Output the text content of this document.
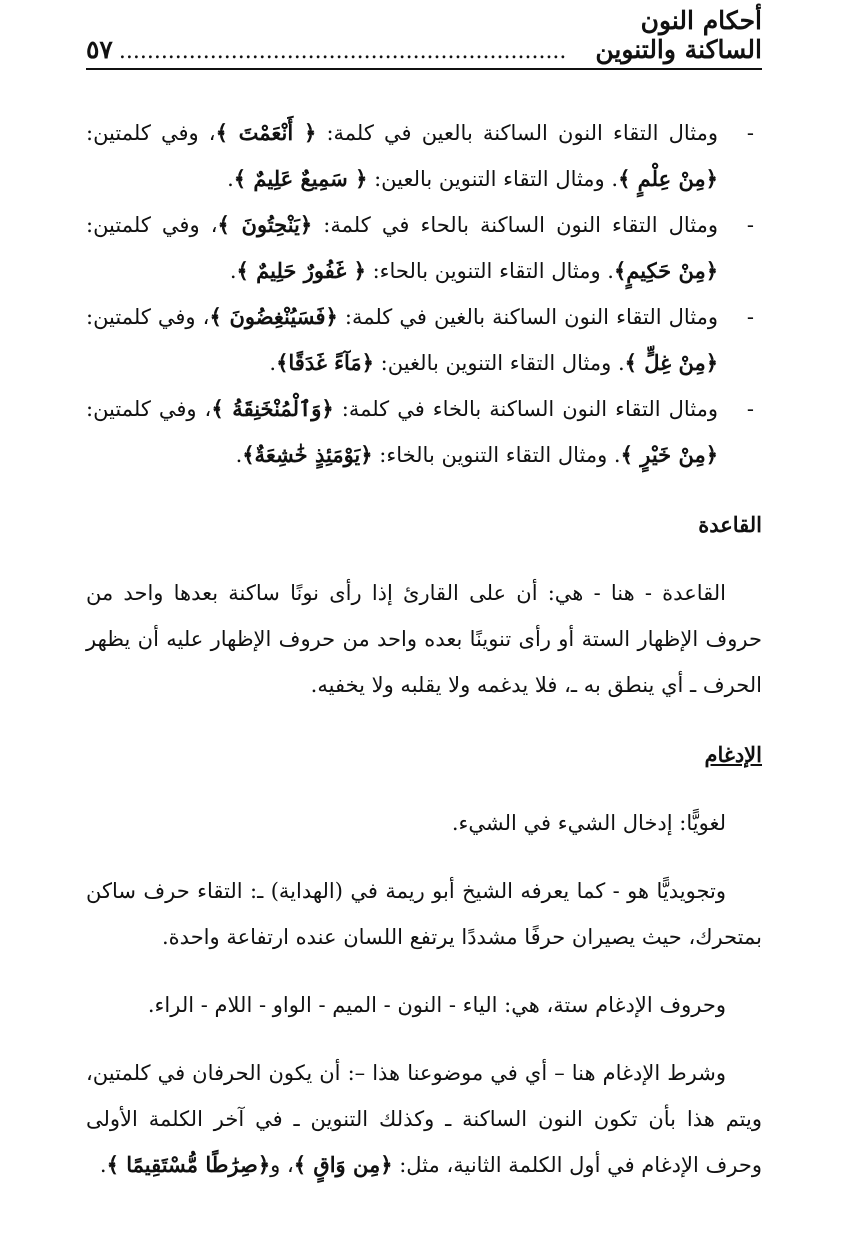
أحكام النون الساكنة والتنوين
................................................................
٥٧
-
ومثال التقاء النون الساكنة بالعين في كلمة: ﴿ أَنْعَمْتَ ﴾، وفي كلمتين: ﴿مِنْ عِلْمٍ ﴾. ومثال التقاء التنوين بالعين: ﴿ سَمِيعٌ عَلِيمٌ ﴾.
-
ومثال التقاء النون الساكنة بالحاء في كلمة: ﴿يَنْحِتُونَ ﴾، وفي كلمتين: ﴿مِنْ حَكِيمٍ﴾. ومثال التقاء التنوين بالحاء: ﴿ غَفُورٌ حَلِيمٌ ﴾.
-
ومثال التقاء النون الساكنة بالغين في كلمة: ﴿فَسَيُنْغِضُونَ ﴾، وفي كلمتين: ﴿مِنْ غِلٍّ ﴾. ومثال التقاء التنوين بالغين: ﴿مَآءً غَدَقًا﴾.
-
ومثال التقاء النون الساكنة بالخاء في كلمة: ﴿وَٱلْمُنْخَنِقَةُ ﴾، وفي كلمتين: ﴿مِنْ خَيْرٍ ﴾. ومثال التقاء التنوين بالخاء: ﴿يَوْمَئِذٍ خَٰشِعَةٌ﴾.
القاعدة
القاعدة - هنا - هي: أن على القارئ إذا رأى نونًا ساكنة بعدها واحد من حروف الإظهار الستة أو رأى تنوينًا بعده واحد من حروف الإظهار عليه أن يظهر الحرف ـ أي ينطق به ـ، فلا يدغمه ولا يقلبه ولا يخفيه.
الإدغام
لغويًّا: إدخال الشيء في الشيء.
وتجويديًّا هو - كما يعرفه الشيخ أبو ريمة في (الهداية) ـ: التقاء حرف ساكن بمتحرك، حيث يصيران حرفًا مشددًا يرتفع اللسان عنده ارتفاعة واحدة.
وحروف الإدغام ستة، هي: الياء - النون - الميم - الواو - اللام - الراء.
وشرط الإدغام هنا – أي في موضوعنا هذا –: أن يكون الحرفان في كلمتين، ويتم هذا بأن تكون النون الساكنة ـ وكذلك التنوين ـ في آخر الكلمة الأولى وحرف الإدغام في أول الكلمة الثانية، مثل: ﴿مِن وَاقٍ ﴾، و﴿صِرَٰطًا مُّسْتَقِيمًا ﴾.
